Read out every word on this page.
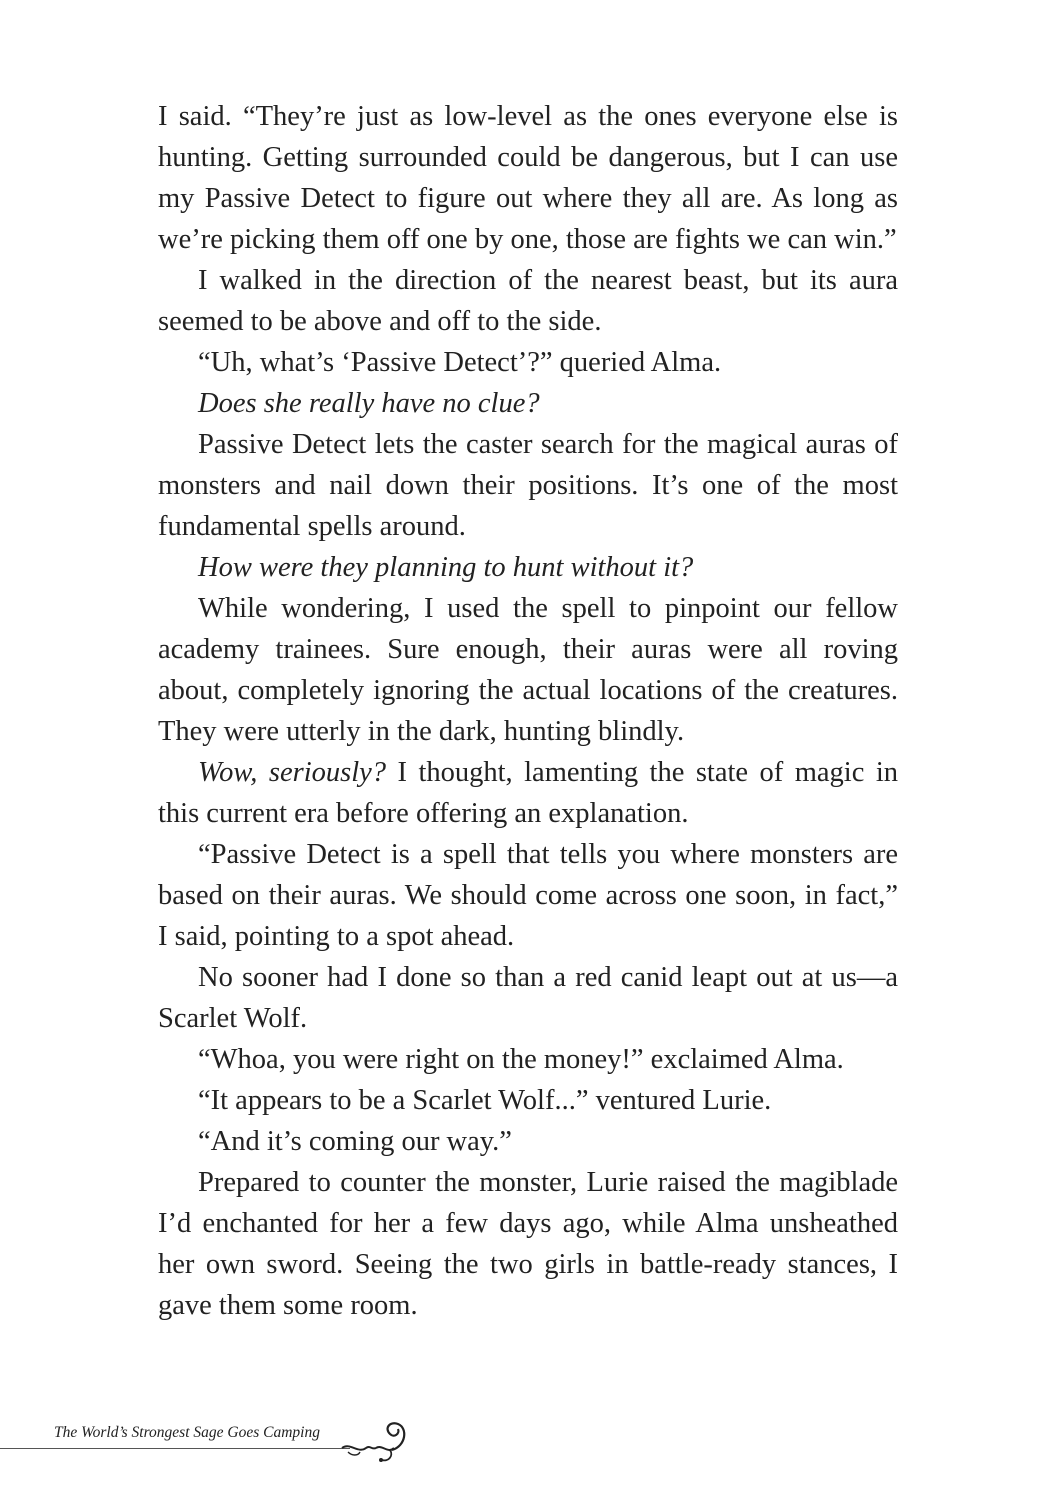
I said. “They’re just as low-level as the ones everyone else is hunting. Getting surrounded could be dangerous, but I can use my Passive Detect to figure out where they all are. As long as we’re picking them off one by one, those are fights we can win.”

I walked in the direction of the nearest beast, but its aura seemed to be above and off to the side.

“Uh, what’s ‘Passive Detect’?” queried Alma.

Does she really have no clue?

Passive Detect lets the caster search for the magical auras of monsters and nail down their positions. It’s one of the most fundamental spells around.

How were they planning to hunt without it?

While wondering, I used the spell to pinpoint our fellow academy trainees. Sure enough, their auras were all roving about, completely ignoring the actual locations of the creatures. They were utterly in the dark, hunting blindly.

Wow, seriously? I thought, lamenting the state of magic in this current era before offering an explanation.

“Passive Detect is a spell that tells you where monsters are based on their auras. We should come across one soon, in fact,” I said, pointing to a spot ahead.

No sooner had I done so than a red canid leapt out at us—a Scarlet Wolf.

“Whoa, you were right on the money!” exclaimed Alma.

“It appears to be a Scarlet Wolf...” ventured Lurie.

“And it’s coming our way.”

Prepared to counter the monster, Lurie raised the magiblade I’d enchanted for her a few days ago, while Alma unsheathed her own sword. Seeing the two girls in battle-ready stances, I gave them some room.

The World’s Strongest Sage Goes Camping
